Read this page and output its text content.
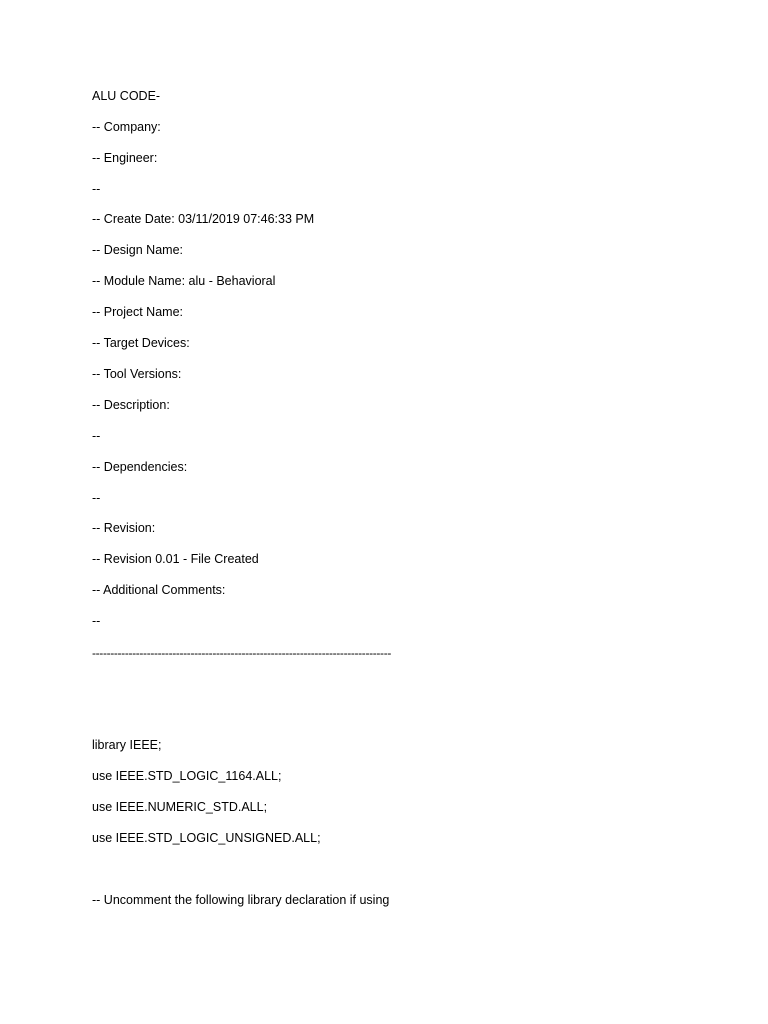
ALU CODE-
-- Company:
-- Engineer:
--
-- Create Date: 03/11/2019 07:46:33 PM
-- Design Name:
-- Module Name: alu - Behavioral
-- Project Name:
-- Target Devices:
-- Tool Versions:
-- Description:
--
-- Dependencies:
--
-- Revision:
-- Revision 0.01 - File Created
-- Additional Comments:
--
----------------------------------------------------------------------------------
library IEEE;
use IEEE.STD_LOGIC_1164.ALL;
use IEEE.NUMERIC_STD.ALL;
use IEEE.STD_LOGIC_UNSIGNED.ALL;
-- Uncomment the following library declaration if using
